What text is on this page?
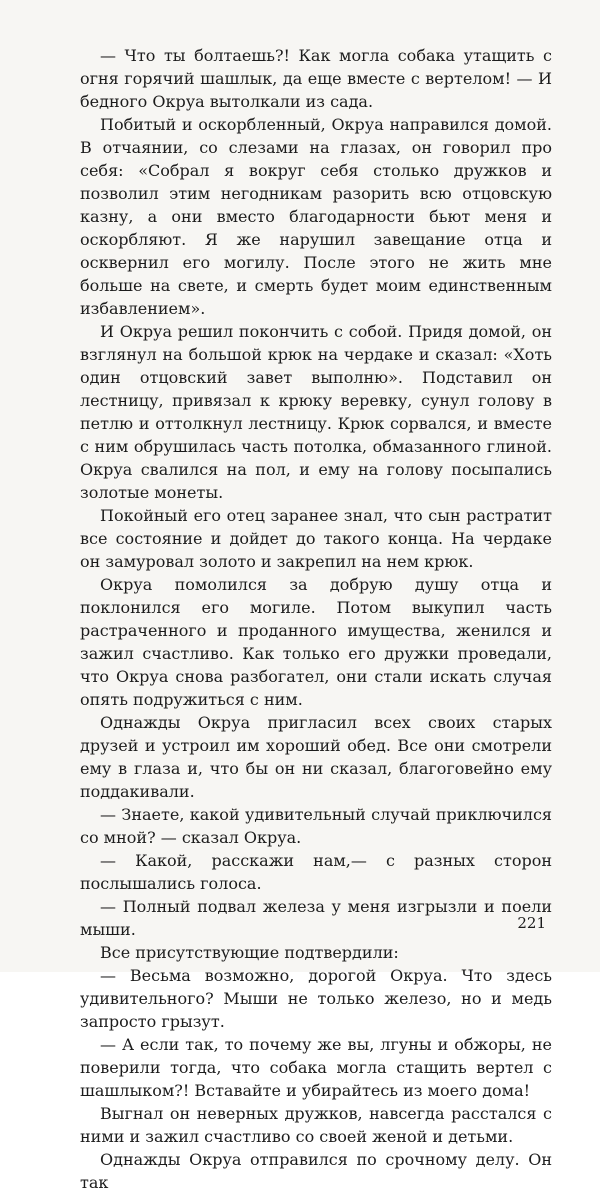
— Что ты болтаешь?! Как могла собака утащить с огня горячий шашлык, да еще вместе с вертелом! — И бедного Окруа вытолкали из сада.

Побитый и оскорбленный, Окруа направился домой. В отчаянии, со слезами на глазах, он говорил про себя: «Собрал я вокруг себя столько дружков и позволил этим негодникам разорить всю отцовскую казну, а они вместо благодарности бьют меня и оскорбляют. Я же нарушил завещание отца и осквернил его могилу. После этого не жить мне больше на свете, и смерть будет моим единственным избавлением».

И Окруа решил покончить с собой. Придя домой, он взглянул на большой крюк на чердаке и сказал: «Хоть один отцовский завет выполню». Подставил он лестницу, привязал к крюку веревку, сунул голову в петлю и оттолкнул лестницу. Крюк сорвался, и вместе с ним обрушилась часть потолка, обмазанного глиной. Окруа свалился на пол, и ему на голову посыпались золотые монеты.

Покойный его отец заранее знал, что сын растратит все состояние и дойдет до такого конца. На чердаке он замуровал золото и закрепил на нем крюк.

Окруа помолился за добрую душу отца и поклонился его могиле. Потом выкупил часть растраченного и проданного имущества, женился и зажил счастливо. Как только его дружки проведали, что Окруа снова разбогател, они стали искать случая опять подружиться с ним.

Однажды Окруа пригласил всех своих старых друзей и устроил им хороший обед. Все они смотрели ему в глаза и, что бы он ни сказал, благоговейно ему поддакивали.

— Знаете, какой удивительный случай приключился со мной? — сказал Окруа.

— Какой, расскажи нам,— с разных сторон послышались голоса.

— Полный подвал железа у меня изгрызли и поели мыши.

Все присутствующие подтвердили:

— Весьма возможно, дорогой Окруа. Что здесь удивительного? Мыши не только железо, но и медь запросто грызут.

— А если так, то почему же вы, лгуны и обжоры, не поверили тогда, что собака могла стащить вертел с шашлыком?! Вставайте и убирайтесь из моего дома!

Выгнал он неверных дружков, навсегда расстался с ними и зажил счастливо со своей женой и детьми.

Однажды Окруа отправился по срочному делу. Он так

221
